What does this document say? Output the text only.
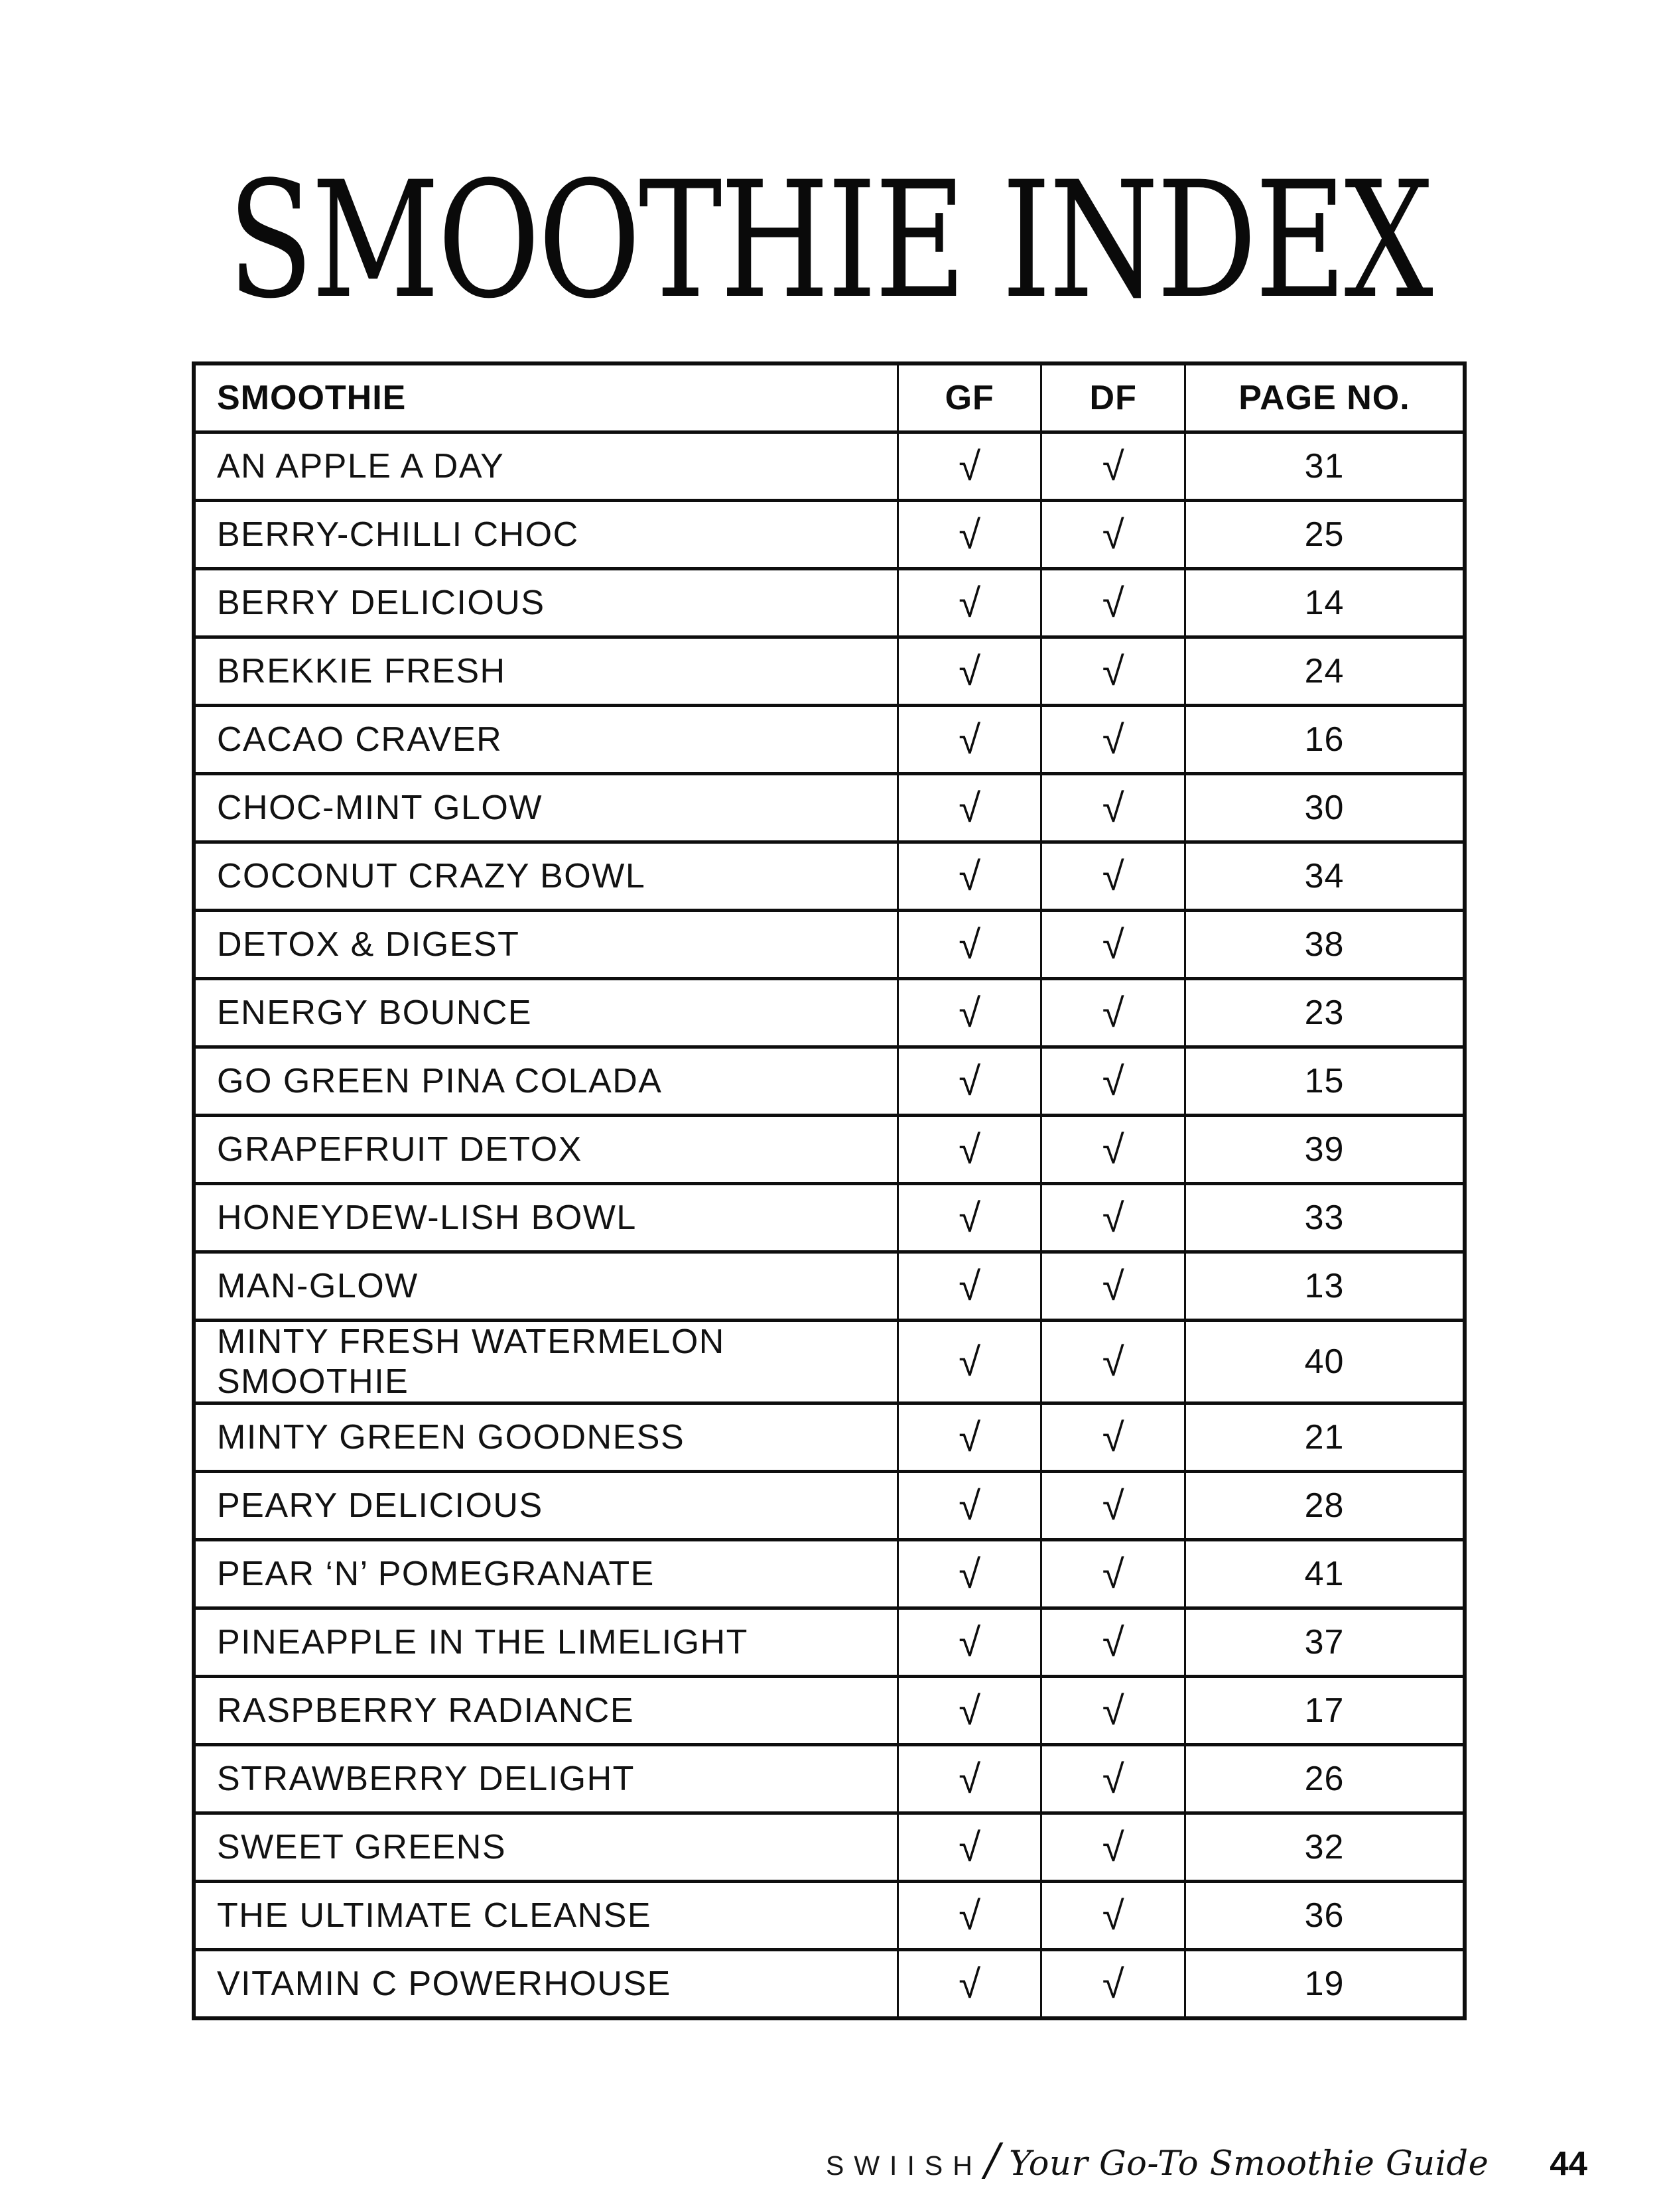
SMOOTHIE INDEX
SMOOTHIE	GF	DF	PAGE NO.
AN APPLE A DAY	√	√	31
BERRY-CHILLI CHOC	√	√	25
BERRY DELICIOUS	√	√	14
BREKKIE FRESH	√	√	24
CACAO CRAVER	√	√	16
CHOC-MINT GLOW	√	√	30
COCONUT CRAZY BOWL	√	√	34
DETOX & DIGEST	√	√	38
ENERGY BOUNCE	√	√	23
GO GREEN PINA COLADA	√	√	15
GRAPEFRUIT DETOX	√	√	39
HONEYDEW-LISH BOWL	√	√	33
MAN-GLOW	√	√	13
MINTY FRESH WATERMELON SMOOTHIE	√	√	40
MINTY GREEN GOODNESS	√	√	21
PEARY DELICIOUS	√	√	28
PEAR ‘N’ POMEGRANATE	√	√	41
PINEAPPLE IN THE LIMELIGHT	√	√	37
RASPBERRY RADIANCE	√	√	17
STRAWBERRY DELIGHT	√	√	26
SWEET GREENS	√	√	32
THE ULTIMATE CLEANSE	√	√	36
VITAMIN C POWERHOUSE	√	√	19
SWIISH / Your Go-To Smoothie Guide 44
